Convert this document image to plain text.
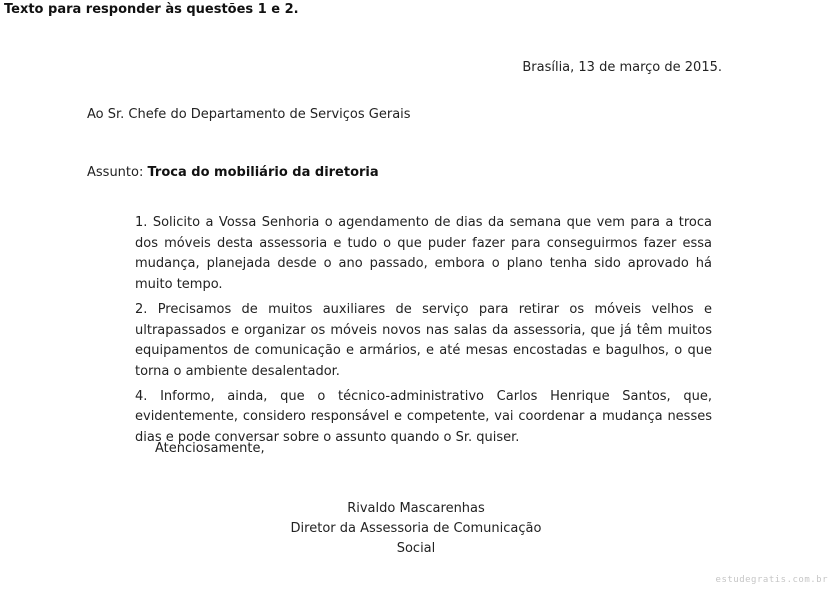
Texto para responder às questões 1 e 2.
Brasília, 13 de março de 2015.
Ao Sr. Chefe do Departamento de Serviços Gerais
Assunto: Troca do mobiliário da diretoria

1. Solicito a Vossa Senhoria o agendamento de dias da semana que vem para a troca dos móveis desta assessoria e tudo o que puder fazer para conseguirmos fazer essa mudança, planejada desde o ano passado, embora o plano tenha sido aprovado há muito tempo.

2. Precisamos de muitos auxiliares de serviço para retirar os móveis velhos e ultrapassados e organizar os móveis novos nas salas da assessoria, que já têm muitos equipamentos de comunicação e armários, e até mesas encostadas e bagulhos, o que torna o ambiente desalentador.

4. Informo, ainda, que o técnico-administrativo Carlos Henrique Santos, que, evidentemente, considero responsável e competente, vai coordenar a mudança nesses dias e pode conversar sobre o assunto quando o Sr. quiser.

Atenciosamente,
Rivaldo Mascarenhas
Diretor da Assessoria de Comunicação Social
estudegratis.com.br
